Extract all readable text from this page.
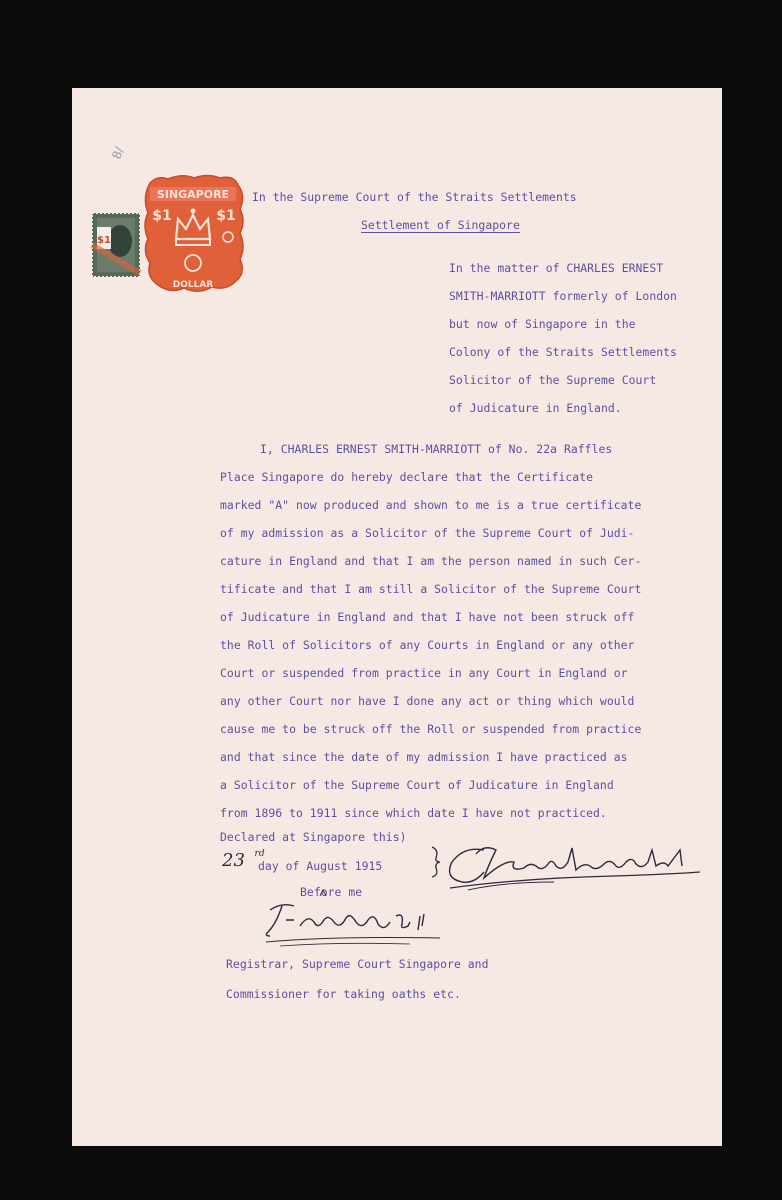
8/
SINGAPORE
$1	$1
DOLLAR
$1
In the Supreme Court of the Straits Settlements
Settlement of Singapore
In the matter of CHARLES ERNEST
SMITH-MARRIOTT formerly of London
but now of Singapore in the
Colony of the Straits Settlements
Solicitor of the Supreme Court
of Judicature in England.
I, CHARLES ERNEST SMITH-MARRIOTT of No. 22a Raffles
Place Singapore do hereby declare that the Certificate
marked "A" now produced and shown to me is a true certificate
of my admission as a Solicitor of the Supreme Court of Judi-
cature in England and that I am the person named in such Cer-
tificate and that I am still a Solicitor of the Supreme Court
of Judicature in England and that I have not been struck off
the Roll of Solicitors of any Courts in England or any other
Court or suspended from practice in any Court in England or
any other Court nor have I done any act or thing which would
cause me to be struck off the Roll or suspended from practice
and that since the date of my admission I have practiced as
a Solicitor of the Supreme Court of Judicature in England
from 1896 to 1911 since which date I have not practiced.
Declared at Singapore this)
23 $^{rd}$
day of August 1915
Before me
Registrar, Supreme Court Singapore and
Commissioner for taking oaths etc.
